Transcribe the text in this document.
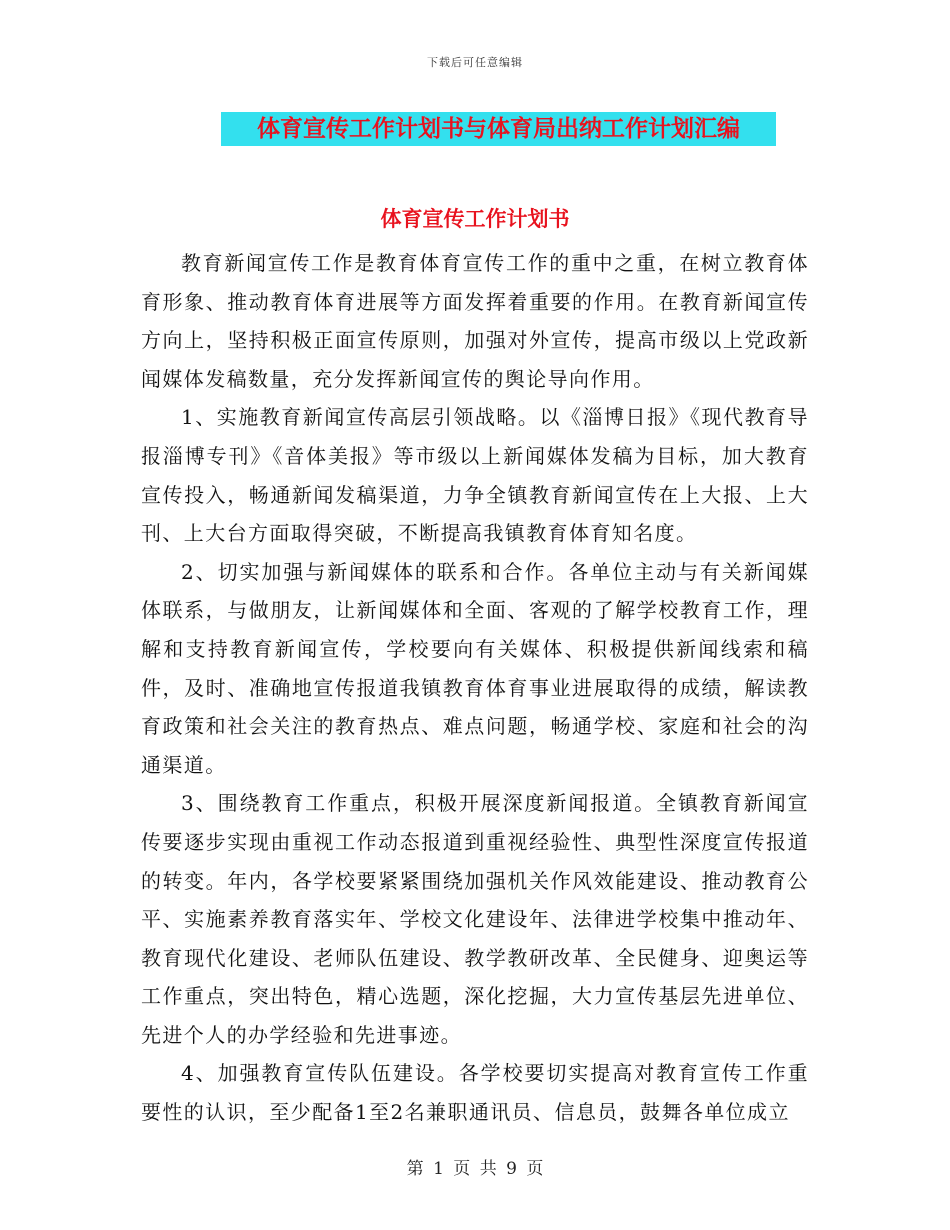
下载后可任意编辑
体育宣传工作计划书与体育局出纳工作计划汇编
体育宣传工作计划书

教育新闻宣传工作是教育体育宣传工作的重中之重，在树立教育体育形象、推动教育体育进展等方面发挥着重要的作用。在教育新闻宣传方向上，坚持积极正面宣传原则，加强对外宣传，提高市级以上党政新闻媒体发稿数量，充分发挥新闻宣传的舆论导向作用。

1、实施教育新闻宣传高层引领战略。以《淄博日报》《现代教育导报淄博专刊》《音体美报》等市级以上新闻媒体发稿为目标，加大教育宣传投入，畅通新闻发稿渠道，力争全镇教育新闻宣传在上大报、上大刊、上大台方面取得突破，不断提高我镇教育体育知名度。

2、切实加强与新闻媒体的联系和合作。各单位主动与有关新闻媒体联系，与做朋友，让新闻媒体和全面、客观的了解学校教育工作，理解和支持教育新闻宣传，学校要向有关媒体、积极提供新闻线索和稿件，及时、准确地宣传报道我镇教育体育事业进展取得的成绩，解读教育政策和社会关注的教育热点、难点问题，畅通学校、家庭和社会的沟通渠道。

3、围绕教育工作重点，积极开展深度新闻报道。全镇教育新闻宣传要逐步实现由重视工作动态报道到重视经验性、典型性深度宣传报道的转变。年内，各学校要紧紧围绕加强机关作风效能建设、推动教育公平、实施素养教育落实年、学校文化建设年、法律进学校集中推动年、教育现代化建设、老师队伍建设、教学教研改革、全民健身、迎奥运等工作重点，突出特色，精心选题，深化挖掘，大力宣传基层先进单位、先进个人的办学经验和先进事迹。

4、加强教育宣传队伍建设。各学校要切实提高对教育宣传工作重要性的认识，至少配备1至2名兼职通讯员、信息员，鼓舞各单位成立

第 1 页 共 9 页
